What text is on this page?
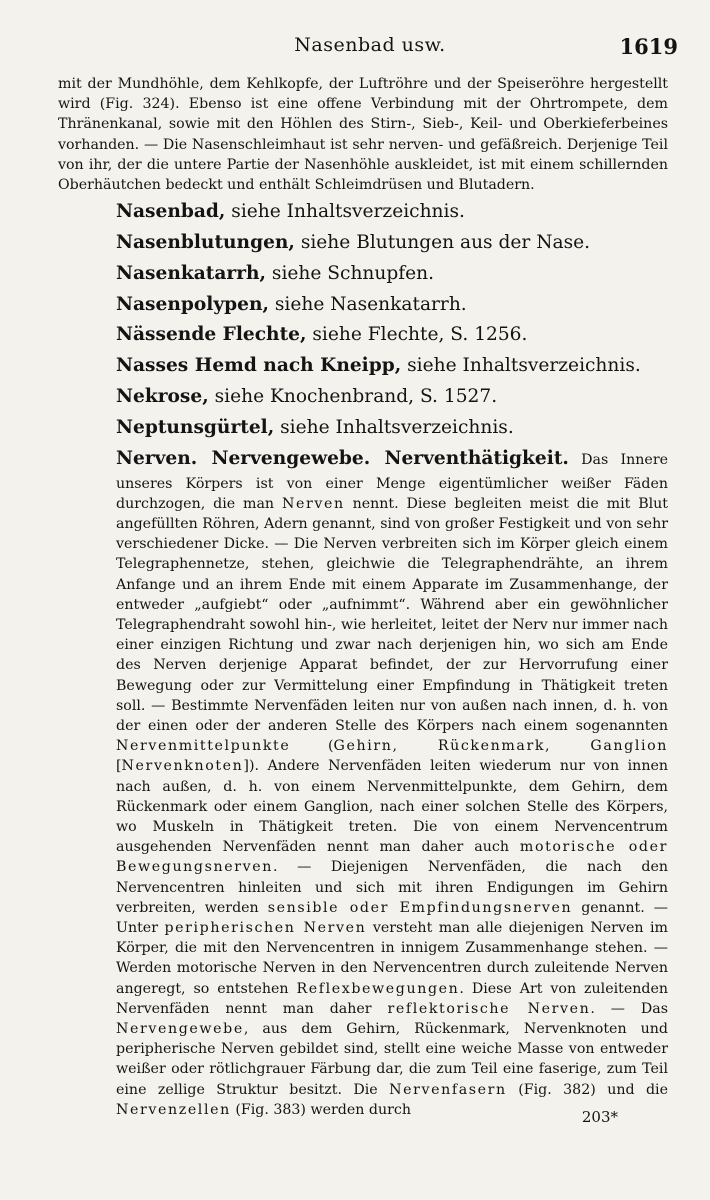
Nasenbad usw.	1619

mit der Mundhöhle, dem Kehlkopfe, der Luftröhre und der Speiseröhre hergestellt wird (Fig. 324). Ebenso ist eine offene Verbindung mit der Ohrtrompete, dem Thränenkanal, sowie mit den Höhlen des Stirn-, Sieb-, Keil- und Oberkieferbeines vorhanden. — Die Nasenschleimhaut ist sehr nerven- und gefäßreich. Derjenige Teil von ihr, der die untere Partie der Nasenhöhle auskleidet, ist mit einem schillernden Oberhäutchen bedeckt und enthält Schleimdrüsen und Blutadern.

Nasenbad, siehe Inhaltsverzeichnis.
Nasenblutungen, siehe Blutungen aus der Nase.
Nasenkatarrh, siehe Schnupfen.
Nasenpolypen, siehe Nasenkatarrh.
Nässende Flechte, siehe Flechte, S. 1256.
Nasses Hemd nach Kneipp, siehe Inhaltsverzeichnis.
Nekrose, siehe Knochenbrand, S. 1527.
Neptunsgürtel, siehe Inhaltsverzeichnis.
Nerven. Nervengewebe. Nerventhätigkeit. Das Innere unseres Körpers ist von einer Menge eigentümlicher weißer Fäden durchzogen, die man Nerven nennt. Diese begleiten meist die mit Blut angefüllten Röhren, Adern genannt, sind von großer Festigkeit und von sehr verschiedener Dicke. — Die Nerven verbreiten sich im Körper gleich einem Telegraphennetze, stehen, gleichwie die Telegraphendrähte, an ihrem Anfange und an ihrem Ende mit einem Apparate im Zusammenhange, der entweder „aufgiebt“ oder „aufnimmt“. Während aber ein gewöhnlicher Telegraphendraht sowohl hin-, wie herleitet, leitet der Nerv nur immer nach einer einzigen Richtung und zwar nach derjenigen hin, wo sich am Ende des Nerven derjenige Apparat befindet, der zur Hervorrufung einer Bewegung oder zur Vermittelung einer Empfindung in Thätigkeit treten soll. — Bestimmte Nervenfäden leiten nur von außen nach innen, d. h. von der einen oder der anderen Stelle des Körpers nach einem sogenannten Nervenmittelpunkte (Gehirn, Rückenmark, Ganglion [Nervenknoten]). Andere Nervenfäden leiten wiederum nur von innen nach außen, d. h. von einem Nervenmittelpunkte, dem Gehirn, dem Rückenmark oder einem Ganglion, nach einer solchen Stelle des Körpers, wo Muskeln in Thätigkeit treten. Die von einem Nervencentrum ausgehenden Nervenfäden nennt man daher auch motorische oder Bewegungsnerven. — Diejenigen Nervenfäden, die nach den Nervencentren hinleiten und sich mit ihren Endigungen im Gehirn verbreiten, werden sensible oder Empfindungsnerven genannt. — Unter peripherischen Nerven versteht man alle diejenigen Nerven im Körper, die mit den Nervencentren in innigem Zusammenhange stehen. — Werden motorische Nerven in den Nervencentren durch zuleitende Nerven angeregt, so entstehen Reflexbewegungen. Diese Art von zuleitenden Nervenfäden nennt man daher reflektorische Nerven. — Das Nervengewebe, aus dem Gehirn, Rückenmark, Nervenknoten und peripherische Nerven gebildet sind, stellt eine weiche Masse von entweder weißer oder rötlichgrauer Färbung dar, die zum Teil eine faserige, zum Teil eine zellige Struktur besitzt. Die Nervenfasern (Fig. 382) und die Nervenzellen (Fig. 383) werden durch	203*
